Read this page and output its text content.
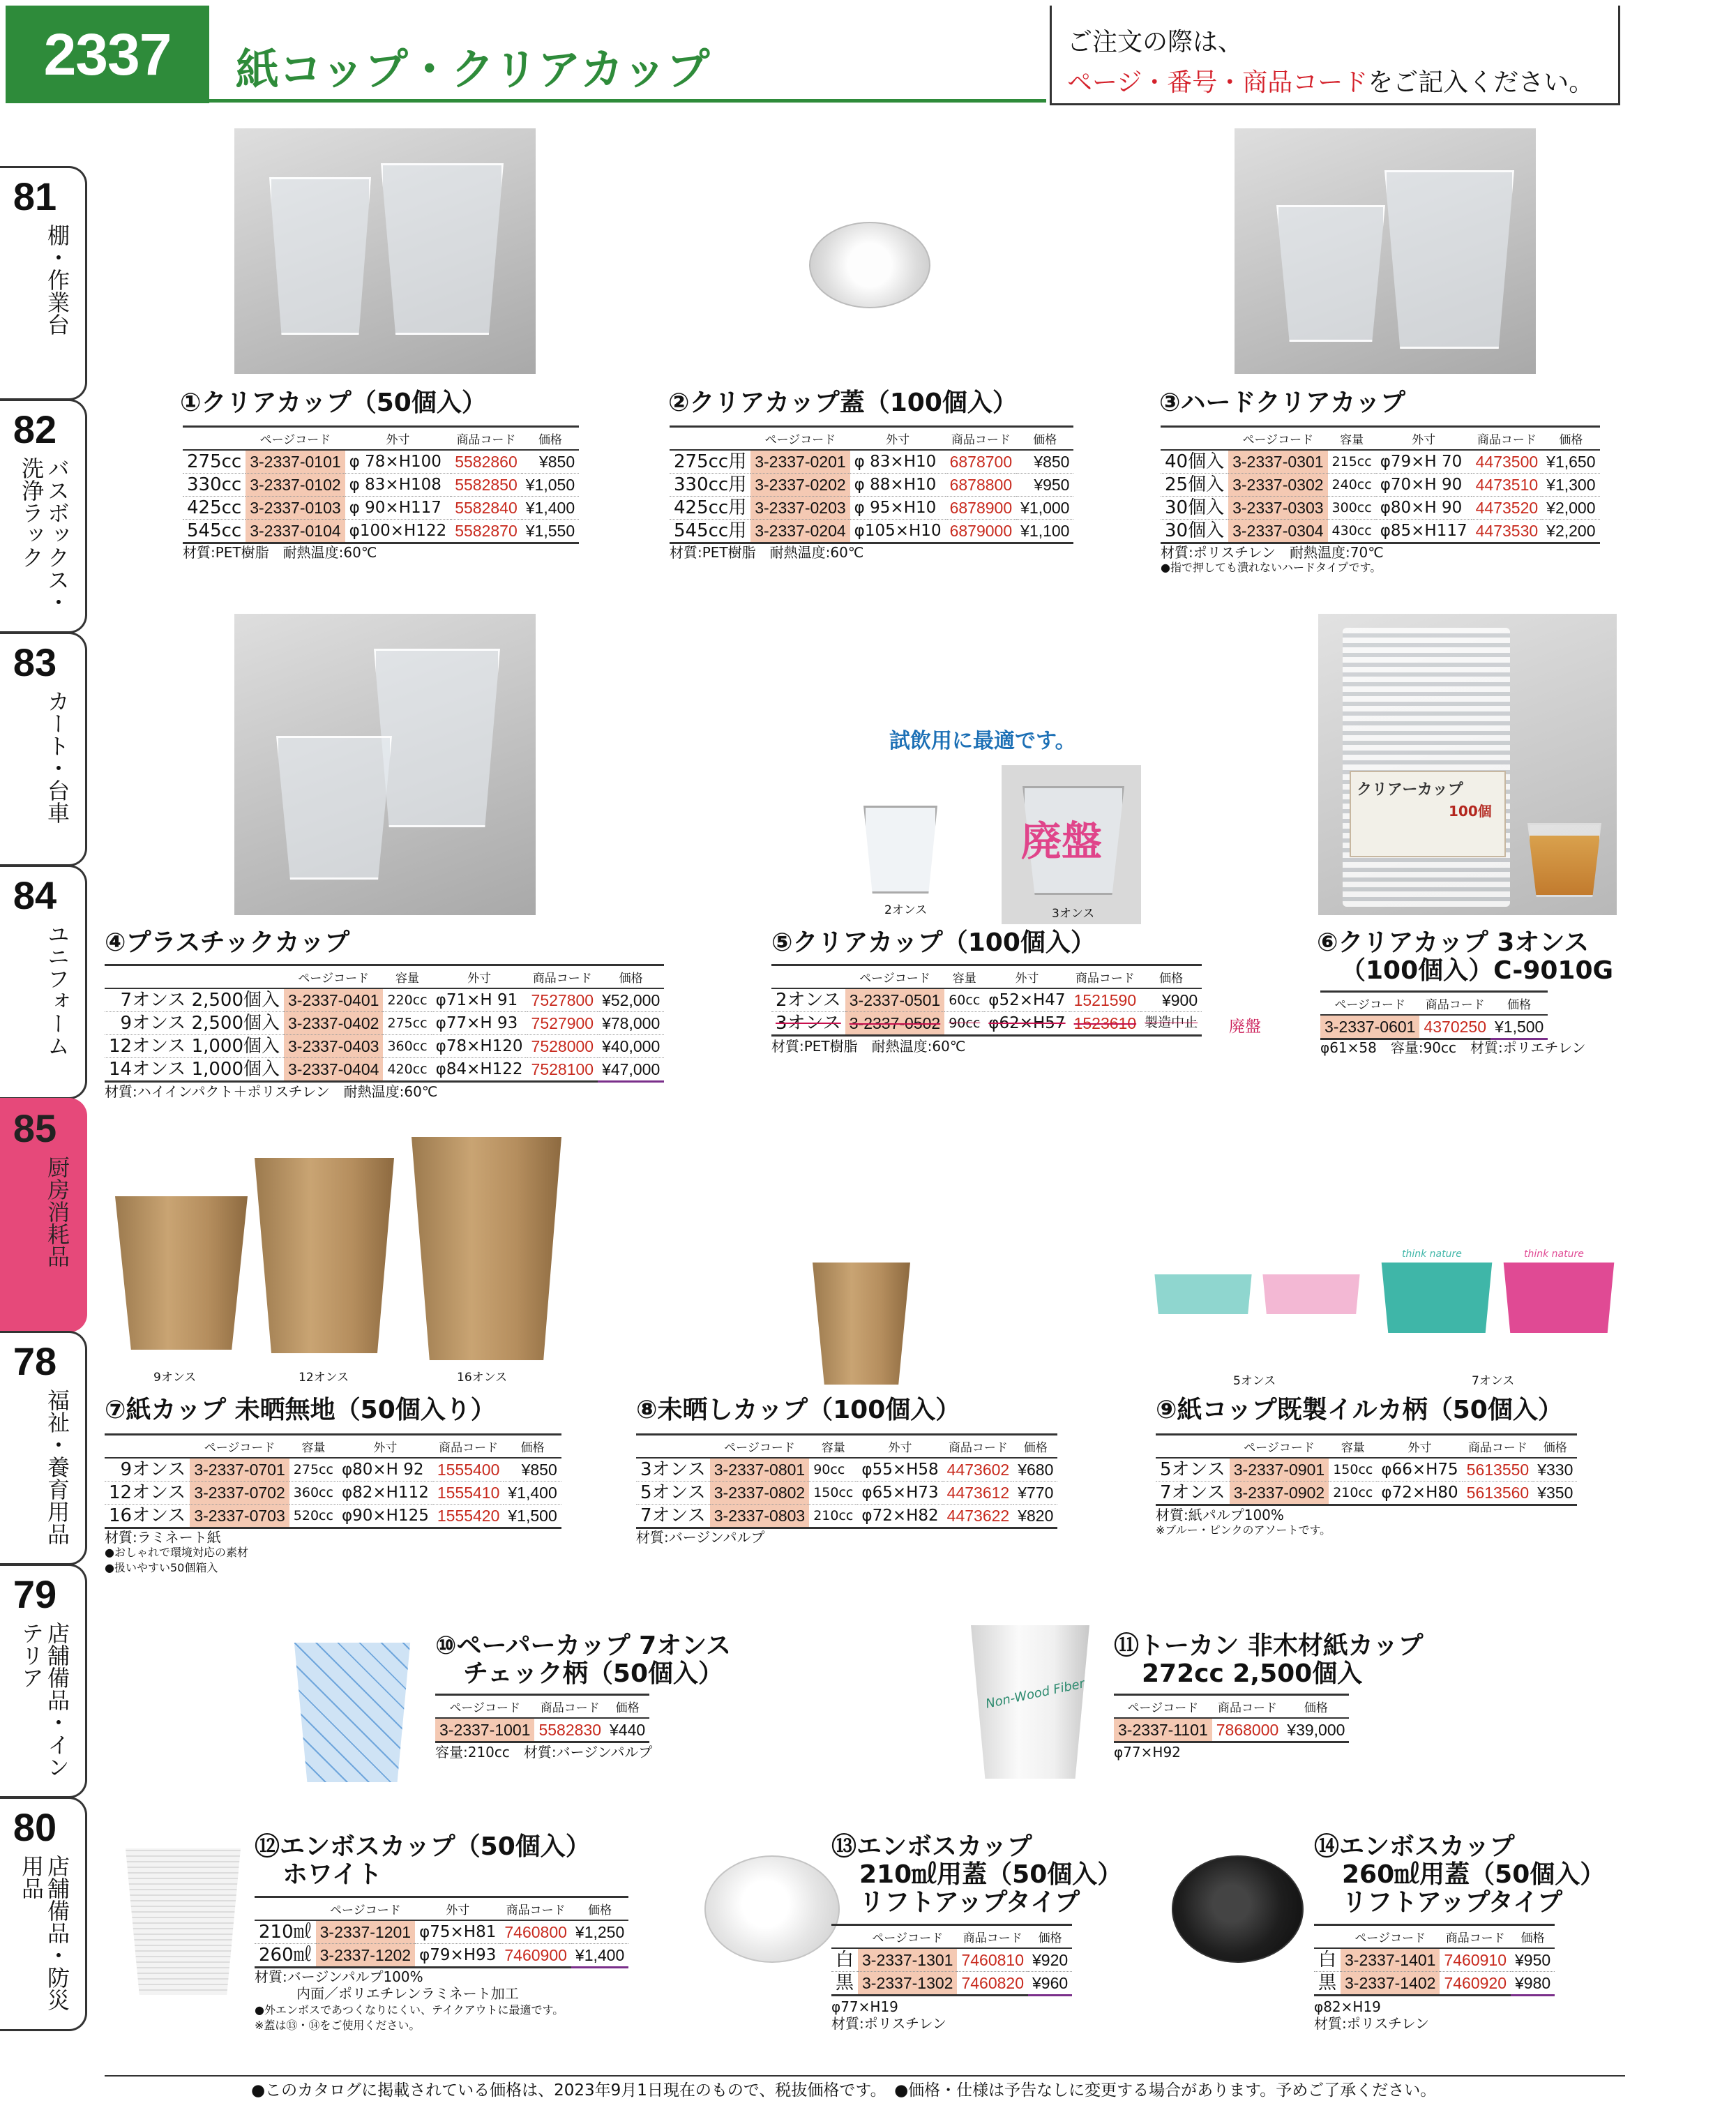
2337	紙コップ・クリアカップ
ご注文の際は、
ページ・番号・商品コードをご記入ください。
81
棚・作業台
82
バスボックス・洗浄ラック
83
カート・台車
84
ユニフォーム
85
厨房消耗品
78
福祉・養育用品
79
店舗備品・インテリア
80
店舗備品・防災用品
①クリアカップ（50個入）
	ページコード	外寸	商品コード	価格
275cc	3-2337-0101	φ 78×H100	5582860	¥850
330cc	3-2337-0102	φ 83×H108	5582850	¥1,050
425cc	3-2337-0103	φ 90×H117	5582840	¥1,400
545cc	3-2337-0104	φ100×H122	5582870	¥1,550
材質:PET樹脂　耐熱温度:60℃
②クリアカップ蓋（100個入）
	ページコード	外寸	商品コード	価格
275cc用	3-2337-0201	φ 83×H10	6878700	¥850
330cc用	3-2337-0202	φ 88×H10	6878800	¥950
425cc用	3-2337-0203	φ 95×H10	6878900	¥1,000
545cc用	3-2337-0204	φ105×H10	6879000	¥1,100
材質:PET樹脂　耐熱温度:60℃
③ハードクリアカップ
	ページコード	容量	外寸	商品コード	価格
40個入	3-2337-0301	215cc	φ79×H 70	4473500	¥1,650
25個入	3-2337-0302	240cc	φ70×H 90	4473510	¥1,300
30個入	3-2337-0303	300cc	φ80×H 90	4473520	¥2,000
30個入	3-2337-0304	430cc	φ85×H117	4473530	¥2,200
材質:ポリスチレン　耐熱温度:70℃
●指で押しても潰れないハードタイプです。
④プラスチックカップ
	ページコード	容量	外寸	商品コード	価格
7オンス 2,500個入	3-2337-0401	220cc	φ71×H 91	7527800	¥52,000
9オンス 2,500個入	3-2337-0402	275cc	φ77×H 93	7527900	¥78,000
12オンス 1,000個入	3-2337-0403	360cc	φ78×H120	7528000	¥40,000
14オンス 1,000個入	3-2337-0404	420cc	φ84×H122	7528100	¥47,000
材質:ハイインパクト＋ポリスチレン　耐熱温度:60℃
試飲用に最適です。
2オンス
廃盤
3オンス
⑤クリアカップ（100個入）
	ページコード	容量	外寸	商品コード	価格
2オンス	3-2337-0501	60cc	φ52×H47	1521590	¥900
3オンス	3-2337-0502	90cc	φ62×H57	1523610	製造中止 廃盤
材質:PET樹脂　耐熱温度:60℃
クリアーカップ
100個
⑥クリアカップ 3オンス
（100個入）C-9010G
ページコード	商品コード	価格
3-2337-0601	4370250	¥1,500
φ61×58　容量:90cc　材質:ポリエチレン
9オンス	12オンス	16オンス
⑦紙カップ 未晒無地（50個入り）
	ページコード	容量	外寸	商品コード	価格
9オンス	3-2337-0701	275cc	φ80×H 92	1555400	¥850
12オンス	3-2337-0702	360cc	φ82×H112	1555410	¥1,400
16オンス	3-2337-0703	520cc	φ90×H125	1555420	¥1,500
材質:ラミネート紙
●おしゃれで環境対応の素材
●扱いやすい50個箱入
⑧未晒しカップ（100個入）
	ページコード	容量	外寸	商品コード	価格
3オンス	3-2337-0801	90cc	φ55×H58	4473602	¥680
5オンス	3-2337-0802	150cc	φ65×H73	4473612	¥770
7オンス	3-2337-0803	210cc	φ72×H82	4473622	¥820
材質:バージンパルプ
think nature	think nature
5オンス	7オンス
⑨紙コップ既製イルカ柄（50個入）
	ページコード	容量	外寸	商品コード	価格
5オンス	3-2337-0901	150cc	φ66×H75	5613550	¥330
7オンス	3-2337-0902	210cc	φ72×H80	5613560	¥350
材質:紙パルプ100%
※ブルー・ピンクのアソートです。
⑩ペーパーカップ 7オンス
チェック柄（50個入）
ページコード	商品コード	価格
3-2337-1001	5582830	¥440
容量:210cc　材質:バージンパルプ
Non-Wood Fiber
⑪トーカン 非木材紙カップ
272cc 2,500個入
ページコード	商品コード	価格
3-2337-1101	7868000	¥39,000
φ77×H92
⑫エンボスカップ（50個入）
ホワイト
	ページコード	外寸	商品コード	価格
210㎖	3-2337-1201	φ75×H81	7460800	¥1,250
260㎖	3-2337-1202	φ79×H93	7460900	¥1,400
材質:バージンパルプ100%
　　　内面／ポリエチレンラミネート加工
●外エンボスであつくなりにくい、テイクアウトに最適です。
※蓋は⑬・⑭をご使用ください。
⑬エンボスカップ
210㎖用蓋（50個入）
リフトアップタイプ
	ページコード	商品コード	価格
白	3-2337-1301	7460810	¥920
黒	3-2337-1302	7460820	¥960
φ77×H19
材質:ポリスチレン
⑭エンボスカップ
260㎖用蓋（50個入）
リフトアップタイプ
	ページコード	商品コード	価格
白	3-2337-1401	7460910	¥950
黒	3-2337-1402	7460920	¥980
φ82×H19
材質:ポリスチレン
●このカタログに掲載されている価格は、2023年9月1日現在のもので、税抜価格です。　●価格・仕様は予告なしに変更する場合があります。予めご了承ください。
